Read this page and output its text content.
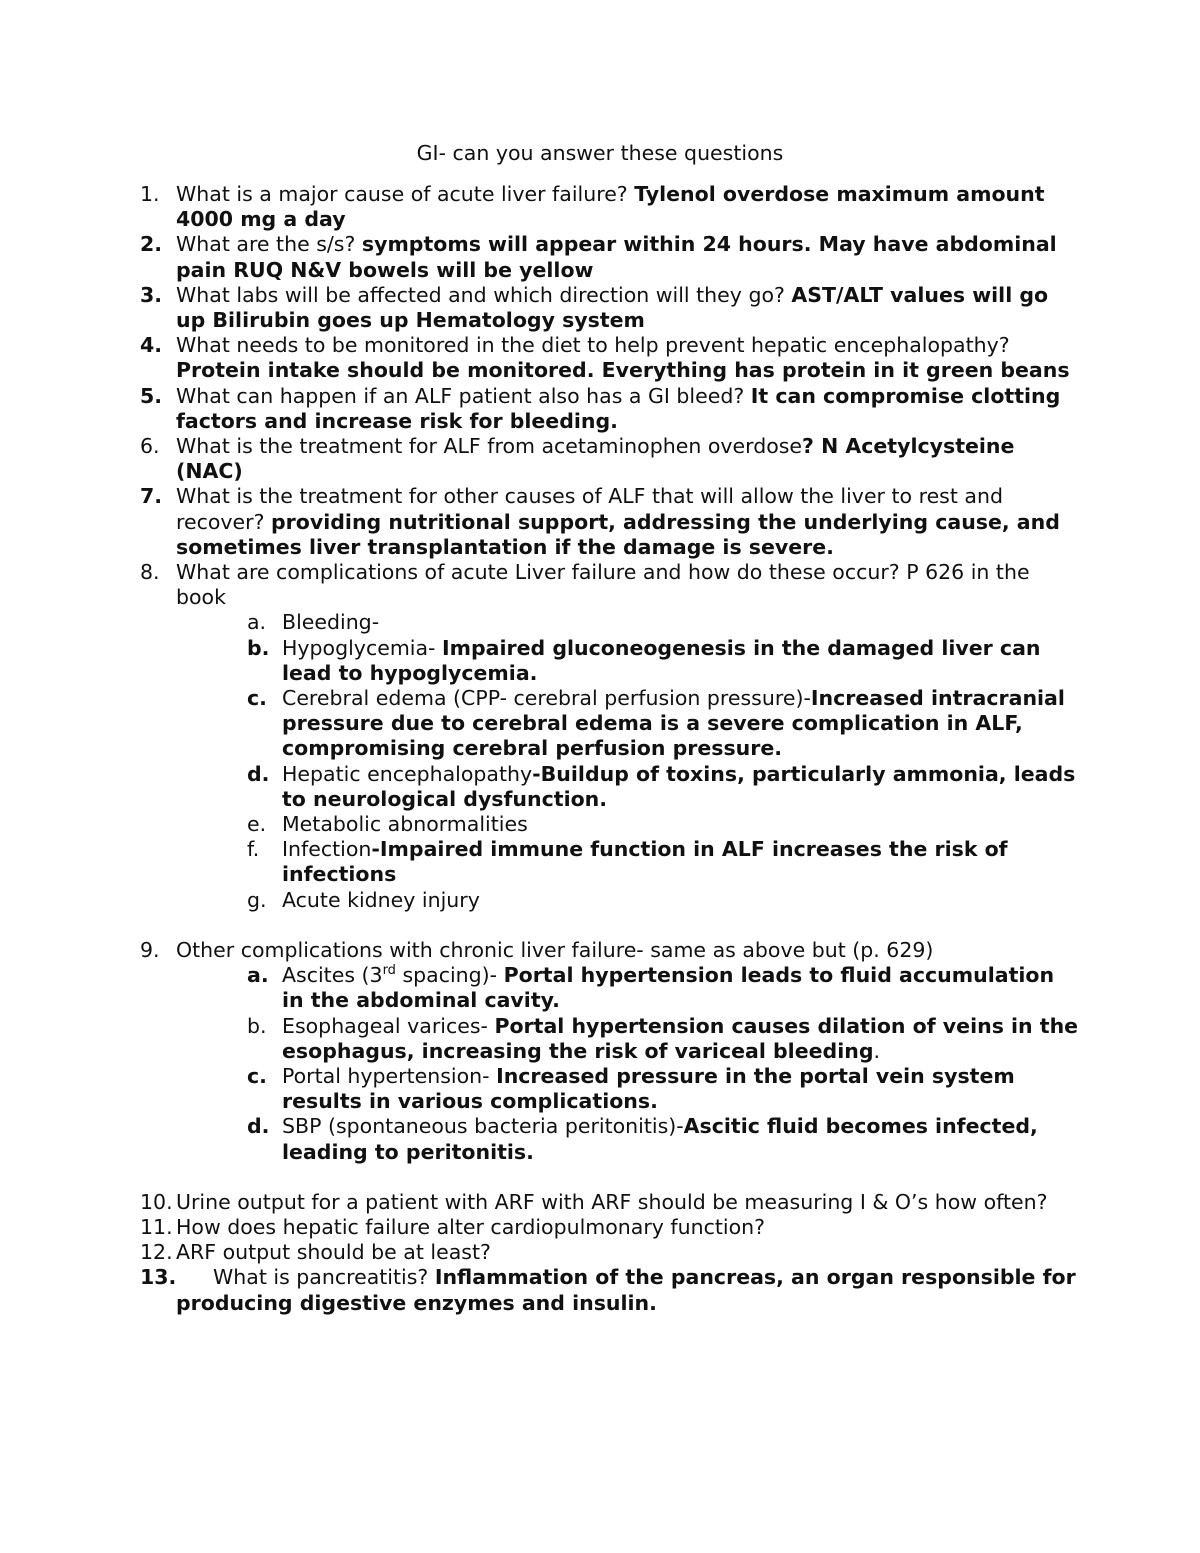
GI- can you answer these questions
1. What is a major cause of acute liver failure? Tylenol overdose maximum amount 4000 mg a day
2. What are the s/s? symptoms will appear within 24 hours. May have abdominal pain RUQ N&V bowels will be yellow
3. What labs will be affected and which direction will they go? AST/ALT values will go up Bilirubin goes up Hematology system
4. What needs to be monitored in the diet to help prevent hepatic encephalopathy? Protein intake should be monitored. Everything has protein in it green beans
5. What can happen if an ALF patient also has a GI bleed? It can compromise clotting factors and increase risk for bleeding.
6. What is the treatment for ALF from acetaminophen overdose? N Acetylcysteine (NAC)
7. What is the treatment for other causes of ALF that will allow the liver to rest and recover? providing nutritional support, addressing the underlying cause, and sometimes liver transplantation if the damage is severe.
8. What are complications of acute Liver failure and how do these occur? P 626 in the book
a. Bleeding-
b. Hypoglycemia- Impaired gluconeogenesis in the damaged liver can lead to hypoglycemia.
c. Cerebral edema (CPP- cerebral perfusion pressure)-Increased intracranial pressure due to cerebral edema is a severe complication in ALF, compromising cerebral perfusion pressure.
d. Hepatic encephalopathy-Buildup of toxins, particularly ammonia, leads to neurological dysfunction.
e. Metabolic abnormalities
f. Infection-Impaired immune function in ALF increases the risk of infections
g. Acute kidney injury
9. Other complications with chronic liver failure- same as above but (p. 629)
a. Ascites (3rd spacing)- Portal hypertension leads to fluid accumulation in the abdominal cavity.
b. Esophageal varices- Portal hypertension causes dilation of veins in the esophagus, increasing the risk of variceal bleeding.
c. Portal hypertension- Increased pressure in the portal vein system results in various complications.
d. SBP (spontaneous bacteria peritonitis)-Ascitic fluid becomes infected, leading to peritonitis.
10. Urine output for a patient with ARF with ARF should be measuring I & O’s how often?
11. How does hepatic failure alter cardiopulmonary function?
12. ARF output should be at least?
13. What is pancreatitis? Inflammation of the pancreas, an organ responsible for producing digestive enzymes and insulin.
